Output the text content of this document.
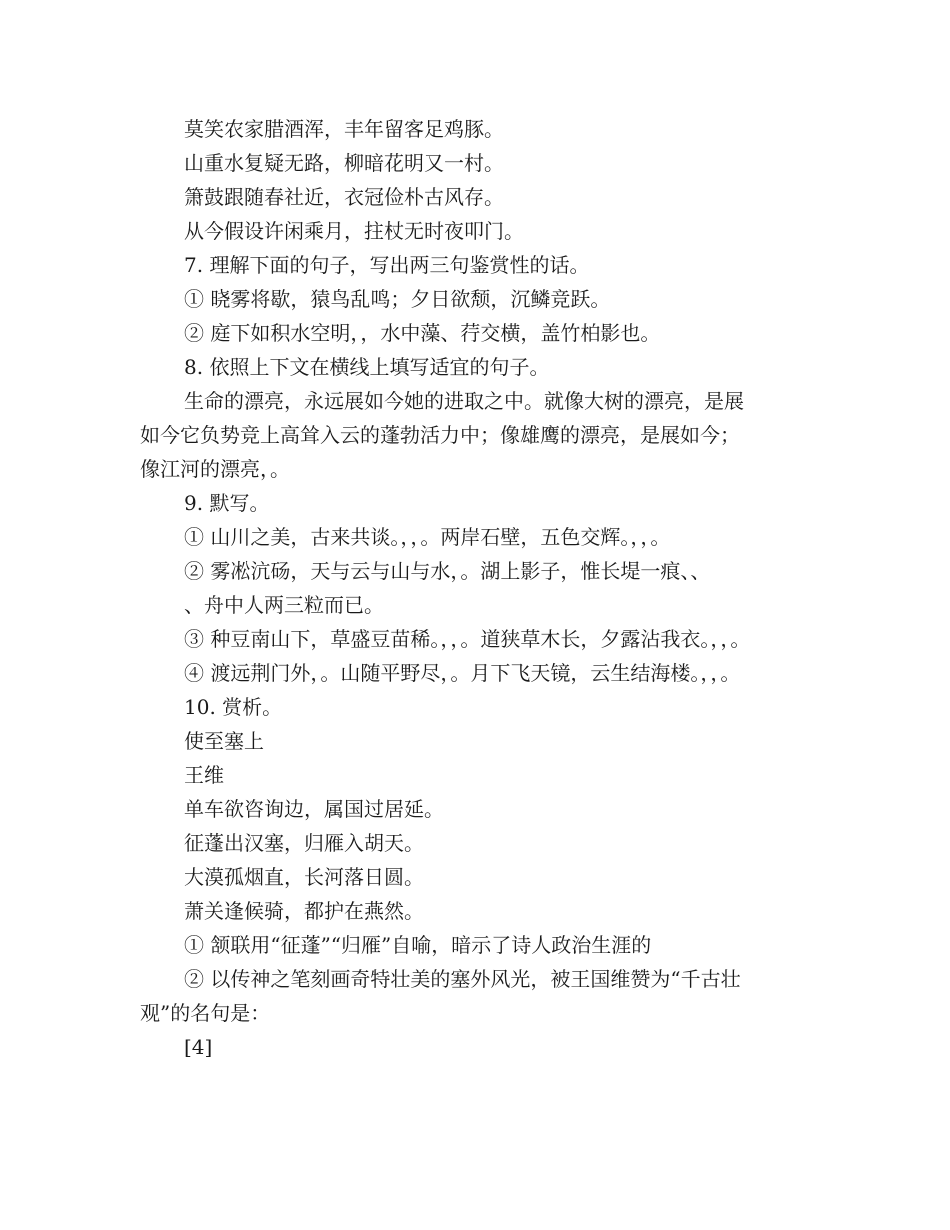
莫笑农家腊酒浑，丰年留客足鸡豚。

山重水复疑无路，柳暗花明又一村。

箫鼓跟随春社近，衣冠俭朴古风存。

从今假设许闲乘月，拄杖无时夜叩门。

7. 理解下面的句子，写出两三句鉴赏性的话。

① 晓雾将歇，猿鸟乱鸣；夕日欲颓，沉鳞竞跃。

② 庭下如积水空明，，水中藻、荇交横，盖竹柏影也。

8. 依照上下文在横线上填写适宜的句子。

生命的漂亮，永远展如今她的进取之中。就像大树的漂亮，是展

如今它负势竞上高耸入云的蓬勃活力中；像雄鹰的漂亮，是展如今；

像江河的漂亮，。

9. 默写。

① 山川之美，古来共谈。，，。两岸石壁，五色交辉。，，。

② 雾凇沆砀，天与云与山与水，。湖上影子，惟长堤一痕、、

、舟中人两三粒而已。

③ 种豆南山下，草盛豆苗稀。，，。道狭草木长，夕露沾我衣。，，。

④ 渡远荆门外，。山随平野尽，。月下飞天镜，云生结海楼。，，。

10. 赏析。

使至塞上

王维

单车欲咨询边，属国过居延。

征蓬出汉塞，归雁入胡天。

大漠孤烟直，长河落日圆。

萧关逢候骑，都护在燕然。

① 颔联用“征蓬”“归雁”自喻，暗示了诗人政治生涯的

② 以传神之笔刻画奇特壮美的塞外风光，被王国维赞为“千古壮

观”的名句是：

[4]
